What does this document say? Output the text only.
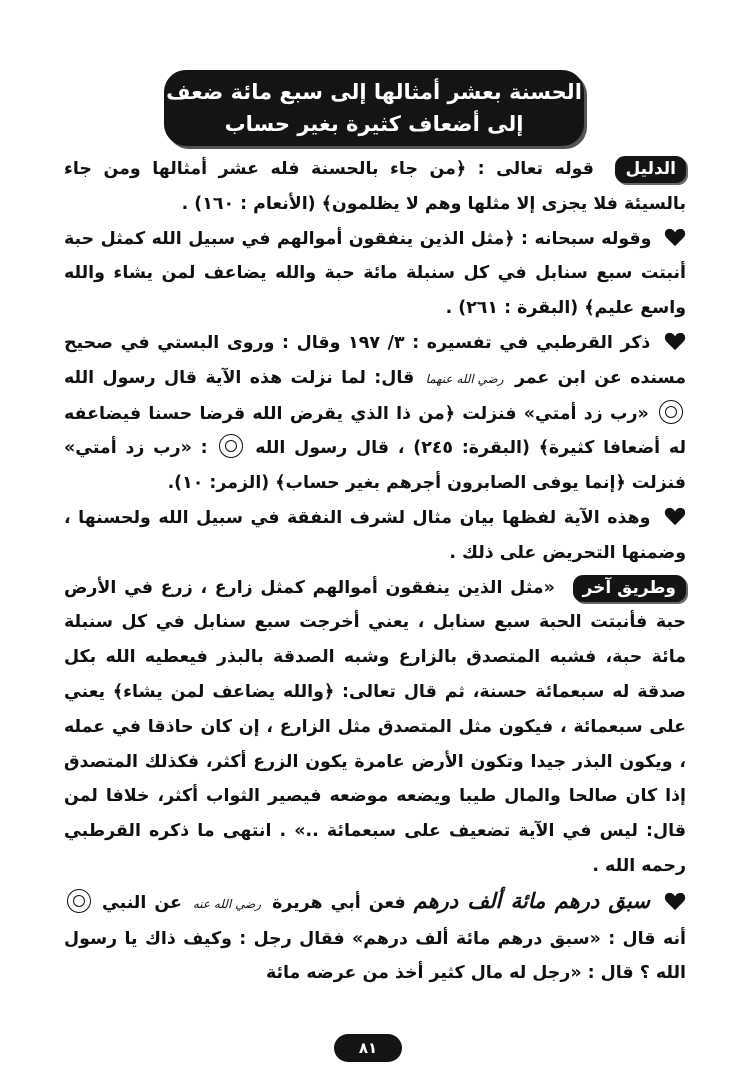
الحسنة بعشر أمثالها إلى سبع مائة ضعف
إلى أضعاف كثيرة بغير حساب

الدليل قوله تعالى : ﴿من جاء بالحسنة فله عشر أمثالها ومن جاء بالسيئة فلا يجزى إلا مثلها وهم لا يظلمون﴾ (الأنعام : ١٦٠) .

وقوله سبحانه : ﴿مثل الذين ينفقون أموالهم في سبيل الله كمثل حبة أنبتت سبع سنابل في كل سنبلة مائة حبة والله يضاعف لمن يشاء والله واسع عليم﴾ (البقرة : ٢٦١) .

ذكر القرطبي في تفسيره : ٣/ ١٩٧ وقال : وروى البستي في صحيح مسنده عن ابن عمر رضي الله عنهما قال: لما نزلت هذه الآية قال رسول الله  «رب زد أمتي» فنزلت ﴿من ذا الذي يقرض الله قرضا حسنا فيضاعفه له أضعافا كثيرة﴾ (البقرة: ٢٤٥) ، قال رسول الله  : «رب زد أمتي» فنزلت ﴿إنما يوفى الصابرون أجرهم بغير حساب﴾ (الزمر: ١٠).

وهذه الآية لفظها بيان مثال لشرف النفقة في سبيل الله ولحسنها ، وضمنها التحريض على ذلك .

وطريق آخر «مثل الذين ينفقون أموالهم كمثل زارع ، زرع في الأرض حبة فأنبتت الحبة سبع سنابل ، يعني أخرجت سبع سنابل في كل سنبلة مائة حبة، فشبه المتصدق بالزارع وشبه الصدقة بالبذر فيعطيه الله بكل صدقة له سبعمائة حسنة، ثم قال تعالى: ﴿والله يضاعف لمن يشاء﴾ يعني على سبعمائة ، فيكون مثل المتصدق مثل الزارع ، إن كان حاذقا في عمله ، ويكون البذر جيدا وتكون الأرض عامرة يكون الزرع أكثر، فكذلك المتصدق إذا كان صالحا والمال طيبا ويضعه موضعه فيصير الثواب أكثر، خلافا لمن قال: ليس في الآية تضعيف على سبعمائة ..» . انتهى ما ذكره القرطبي رحمه الله .

سبق درهم مائة ألف درهم فعن أبي هريرة رضي الله عنه عن النبي  أنه قال : «سبق درهم مائة ألف درهم» فقال رجل : وكيف ذاك يا رسول الله ؟ قال : «رجل له مال كثير أخذ من عرضه مائة

٨١
